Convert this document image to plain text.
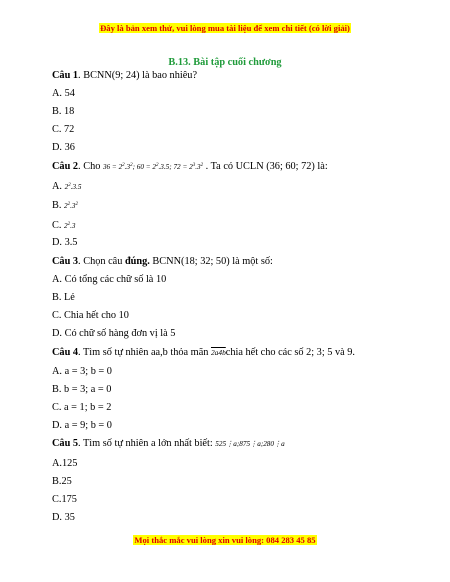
Đây là bản xem thử, vui lòng mua tài liệu để xem chi tiết (có lời giải)
B.13. Bài tập cuối chương
Câu 1. BCNN(9; 24) là bao nhiêu?
A. 54
B. 18
C. 72
D. 36
Câu 2. Cho $36 = 2^2.3^2$; $60 = 2^2.3.5$; $72 = 2^3.3^2$ . Ta có UCLN (36; 60; 72) là:
A. $2^2.3.5$
B. $2^2.3^2$
C. $2^2.3$
D. 3.5
Câu 3. Chọn câu đúng. BCNN(18; 32; 50) là một số:
A. Có tổng các chữ số là 10
B. Lẻ
C. Chia hết cho 10
D. Có chữ số hàng đơn vị là 5
Câu 4. Tìm số tự nhiên aa,b thỏa mãn 2a4bchia hết cho các số 2; 3; 5 và 9.
A. a = 3; b = 0
B. b = 3; a = 0
C. a = 1; b = 2
D. a = 9; b = 0
Câu 5. Tìm số tự nhiên a lớn nhất biết: 525⋮a;875⋮a;280⋮a
A.125
B.25
C.175
D. 35
Mọi thắc mắc vui lòng xin vui lòng: 084 283 45 85
